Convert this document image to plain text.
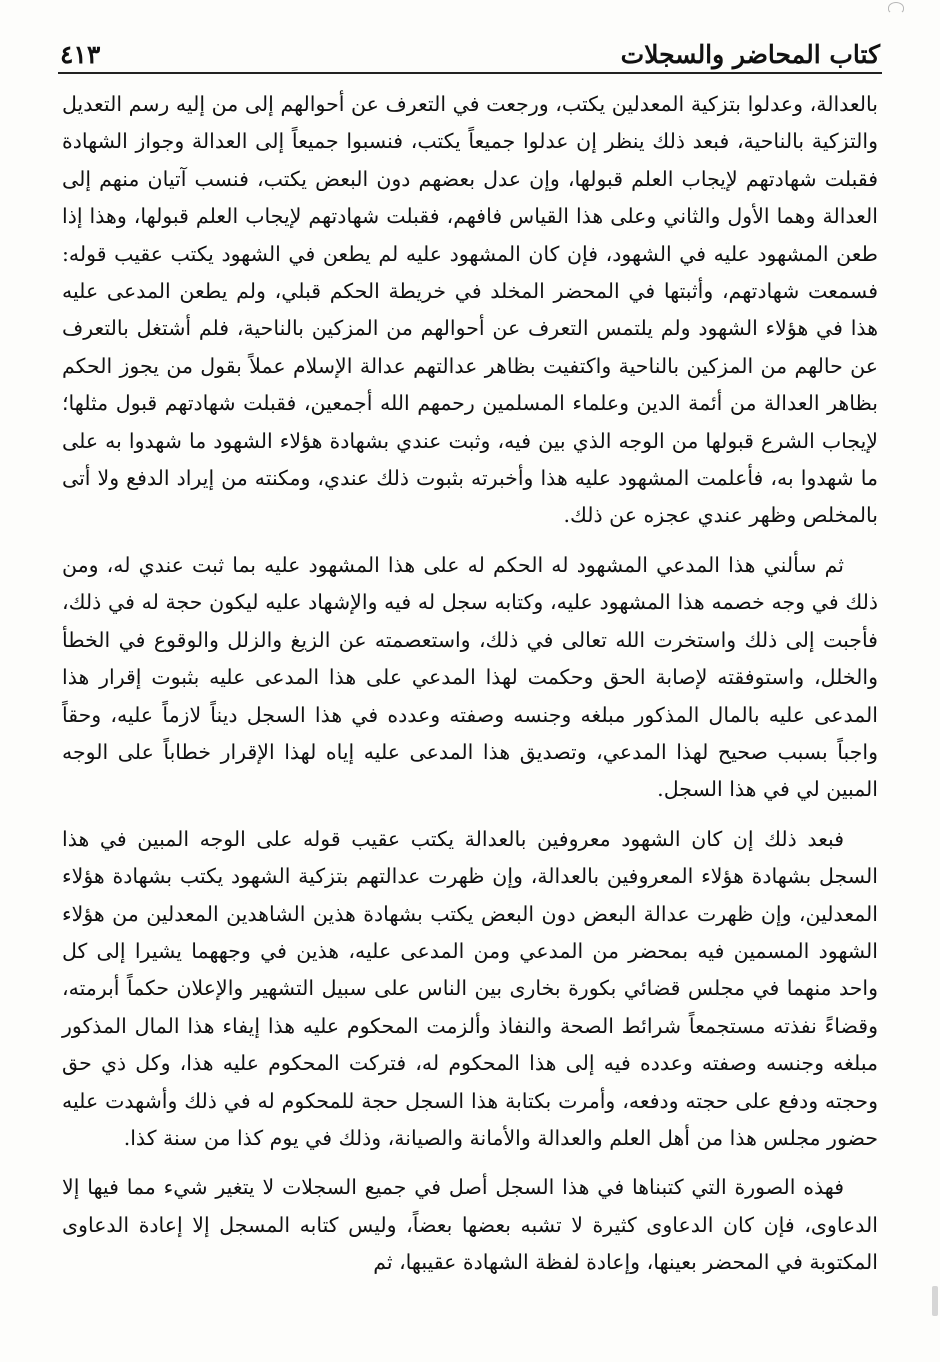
كتاب المحاضر والسجلات
٤١٣

بالعدالة، وعدلوا بتزكية المعدلين يكتب، ورجعت في التعرف عن أحوالهم إلى من إليه رسم التعديل والتزكية بالناحية، فبعد ذلك ينظر إن عدلوا جميعاً يكتب، فنسبوا جميعاً إلى العدالة وجواز الشهادة فقبلت شهادتهم لإيجاب العلم قبولها، وإن عدل بعضهم دون البعض يكتب، فنسب آتيان منهم إلى العدالة وهما الأول والثاني وعلى هذا القياس فافهم، فقبلت شهادتهم لإيجاب العلم قبولها، وهذا إذا طعن المشهود عليه في الشهود، فإن كان المشهود عليه لم يطعن في الشهود يكتب عقيب قوله: فسمعت شهادتهم، وأثبتها في المحضر المخلد في خريطة الحكم قبلي، ولم يطعن المدعى عليه هذا في هؤلاء الشهود ولم يلتمس التعرف عن أحوالهم من المزكين بالناحية، فلم أشتغل بالتعرف عن حالهم من المزكين بالناحية واكتفيت بظاهر عدالتهم عدالة الإسلام عملاً بقول من يجوز الحكم بظاهر العدالة من أئمة الدين وعلماء المسلمين رحمهم الله أجمعين، فقبلت شهادتهم قبول مثلها؛ لإيجاب الشرع قبولها من الوجه الذي بين فيه، وثبت عندي بشهادة هؤلاء الشهود ما شهدوا به على ما شهدوا به، فأعلمت المشهود عليه هذا وأخبرته بثبوت ذلك عندي، ومكنته من إيراد الدفع ولا أتى بالمخلص وظهر عندي عجزه عن ذلك.

ثم سألني هذا المدعي المشهود له الحكم له على هذا المشهود عليه بما ثبت عندي له، ومن ذلك في وجه خصمه هذا المشهود عليه، وكتابه سجل له فيه والإشهاد عليه ليكون حجة له في ذلك، فأجبت إلى ذلك واستخرت الله تعالى في ذلك، واستعصمته عن الزيغ والزلل والوقوع في الخطأ والخلل، واستوفقته لإصابة الحق وحكمت لهذا المدعي على هذا المدعى عليه بثبوت إقرار هذا المدعى عليه بالمال المذكور مبلغه وجنسه وصفته وعدده في هذا السجل ديناً لازماً عليه، وحقاً واجباً بسبب صحيح لهذا المدعي، وتصديق هذا المدعى عليه إياه لهذا الإقرار خطاباً على الوجه المبين لي في هذا السجل.

فبعد ذلك إن كان الشهود معروفين بالعدالة يكتب عقيب قوله على الوجه المبين في هذا السجل بشهادة هؤلاء المعروفين بالعدالة، وإن ظهرت عدالتهم بتزكية الشهود يكتب بشهادة هؤلاء المعدلين، وإن ظهرت عدالة البعض دون البعض يكتب بشهادة هذين الشاهدين المعدلين من هؤلاء الشهود المسمين فيه بمحضر من المدعي ومن المدعى عليه، هذين في وجههما يشيرا إلى كل واحد منهما في مجلس قضائي بكورة بخارى بين الناس على سبيل التشهير والإعلان حكماً أبرمته، وقضاءً نفذته مستجمعاً شرائط الصحة والنفاذ وألزمت المحكوم عليه هذا إيفاء هذا المال المذكور مبلغه وجنسه وصفته وعدده فيه إلى هذا المحكوم له، فتركت المحكوم عليه هذا، وكل ذي حق وحجته ودفع على حجته ودفعه، وأمرت بكتابة هذا السجل حجة للمحكوم له في ذلك وأشهدت عليه حضور مجلس هذا من أهل العلم والعدالة والأمانة والصيانة، وذلك في يوم كذا من سنة كذا.

فهذه الصورة التي كتبناها في هذا السجل أصل في جميع السجلات لا يتغير شيء مما فيها إلا الدعاوى، فإن كان الدعاوى كثيرة لا تشبه بعضها بعضاً، وليس كتابه المسجل إلا إعادة الدعاوى المكتوبة في المحضر بعينها، وإعادة لفظة الشهادة عقيبها، ثم
